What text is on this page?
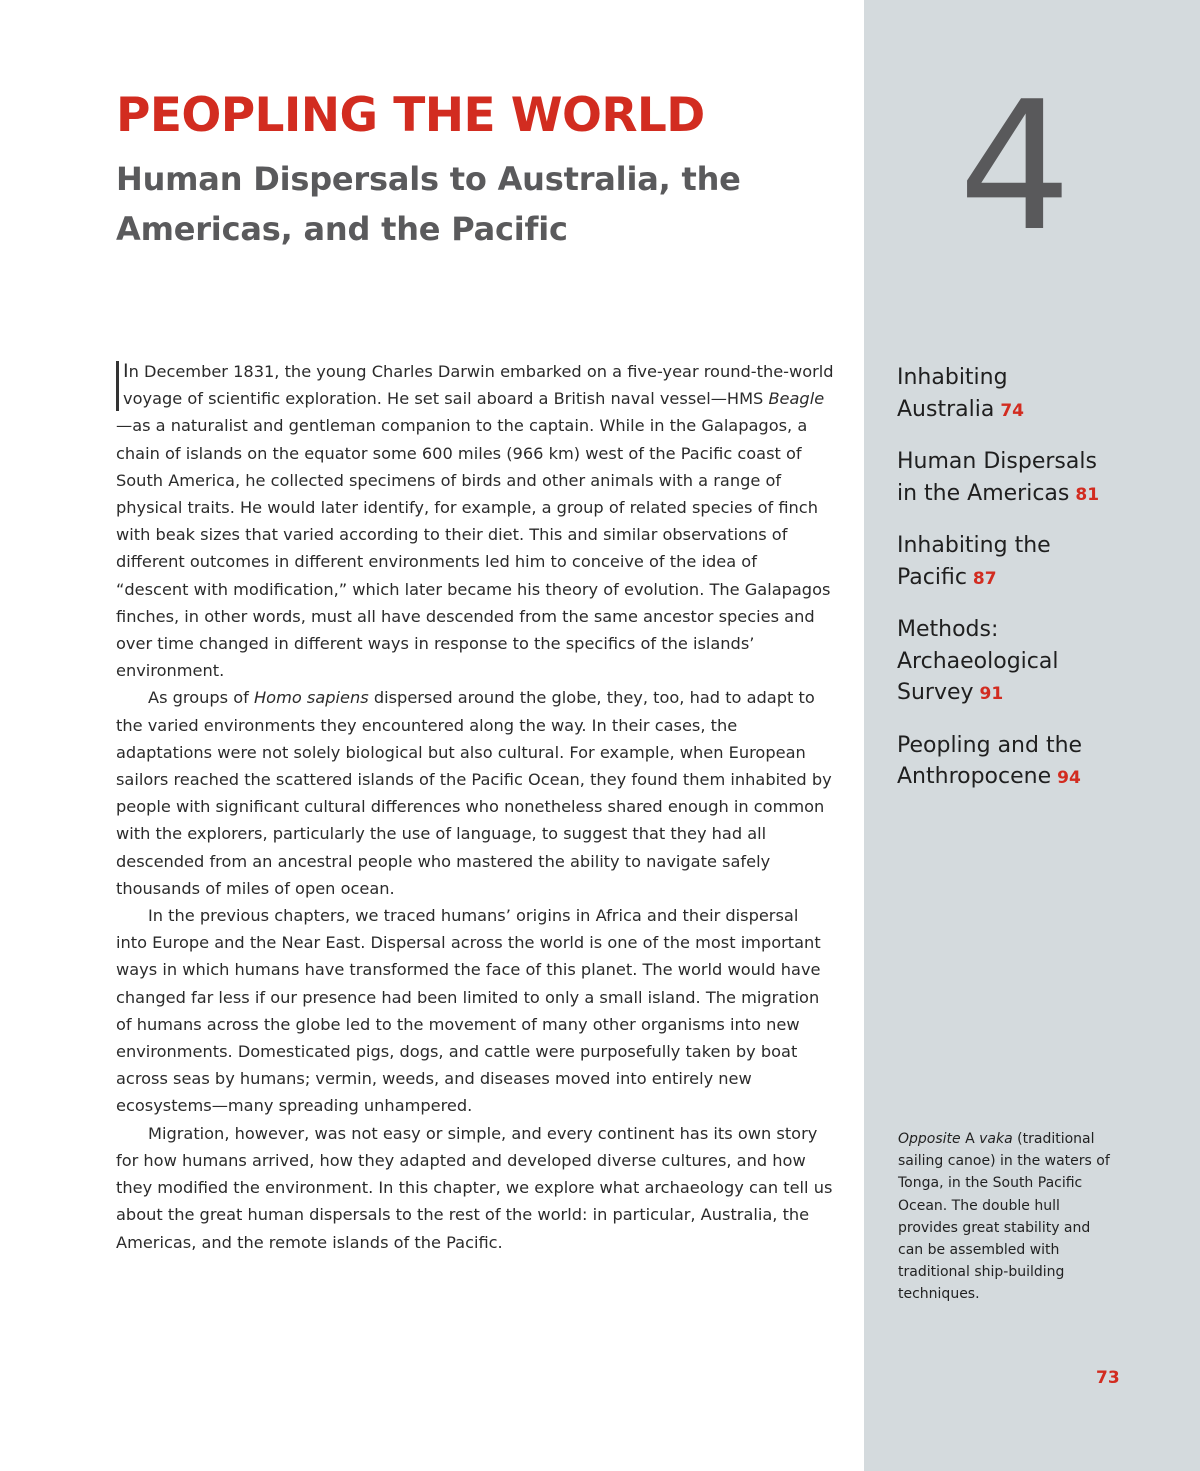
4
PEOPLING THE WORLD
Human Dispersals to Australia, the Americas, and the Pacific

In December 1831, the young Charles Darwin embarked on a five-year round-the-world voyage of scientific exploration. He set sail aboard a British naval vessel—HMS Beagle—as a naturalist and gentleman companion to the captain. While in the Galapagos, a chain of islands on the equator some 600 miles (966 km) west of the Pacific coast of South America, he collected specimens of birds and other animals with a range of physical traits. He would later identify, for example, a group of related species of finch with beak sizes that varied according to their diet. This and similar observations of different outcomes in different environments led him to conceive of the idea of “descent with modification,” which later became his theory of evolution. The Galapagos finches, in other words, must all have descended from the same ancestor species and over time changed in different ways in response to the specifics of the islands’ environment.

As groups of Homo sapiens dispersed around the globe, they, too, had to adapt to the varied environments they encountered along the way. In their cases, the adaptations were not solely biological but also cultural. For example, when European sailors reached the scattered islands of the Pacific Ocean, they found them inhabited by people with significant cultural differences who nonetheless shared enough in common with the explorers, particularly the use of language, to suggest that they had all descended from an ancestral people who mastered the ability to navigate safely thousands of miles of open ocean.

In the previous chapters, we traced humans’ origins in Africa and their dispersal into Europe and the Near East. Dispersal across the world is one of the most important ways in which humans have transformed the face of this planet. The world would have changed far less if our presence had been limited to only a small island. The migration of humans across the globe led to the movement of many other organisms into new environments. Domesticated pigs, dogs, and cattle were purposefully taken by boat across seas by humans; vermin, weeds, and diseases moved into entirely new ecosystems—many spreading unhampered.

Migration, however, was not easy or simple, and every continent has its own story for how humans arrived, how they adapted and developed diverse cultures, and how they modified the environment. In this chapter, we explore what archaeology can tell us about the great human dispersals to the rest of the world: in particular, Australia, the Americas, and the remote islands of the Pacific.

Inhabiting
Australia 74
Human Dispersals
in the Americas 81
Inhabiting the
Pacific 87
Methods:
Archaeological
Survey 91
Peopling and the
Anthropocene 94
Opposite A vaka (traditional sailing canoe) in the waters of Tonga, in the South Pacific Ocean. The double hull provides great stability and can be assembled with traditional ship-building techniques.
73
